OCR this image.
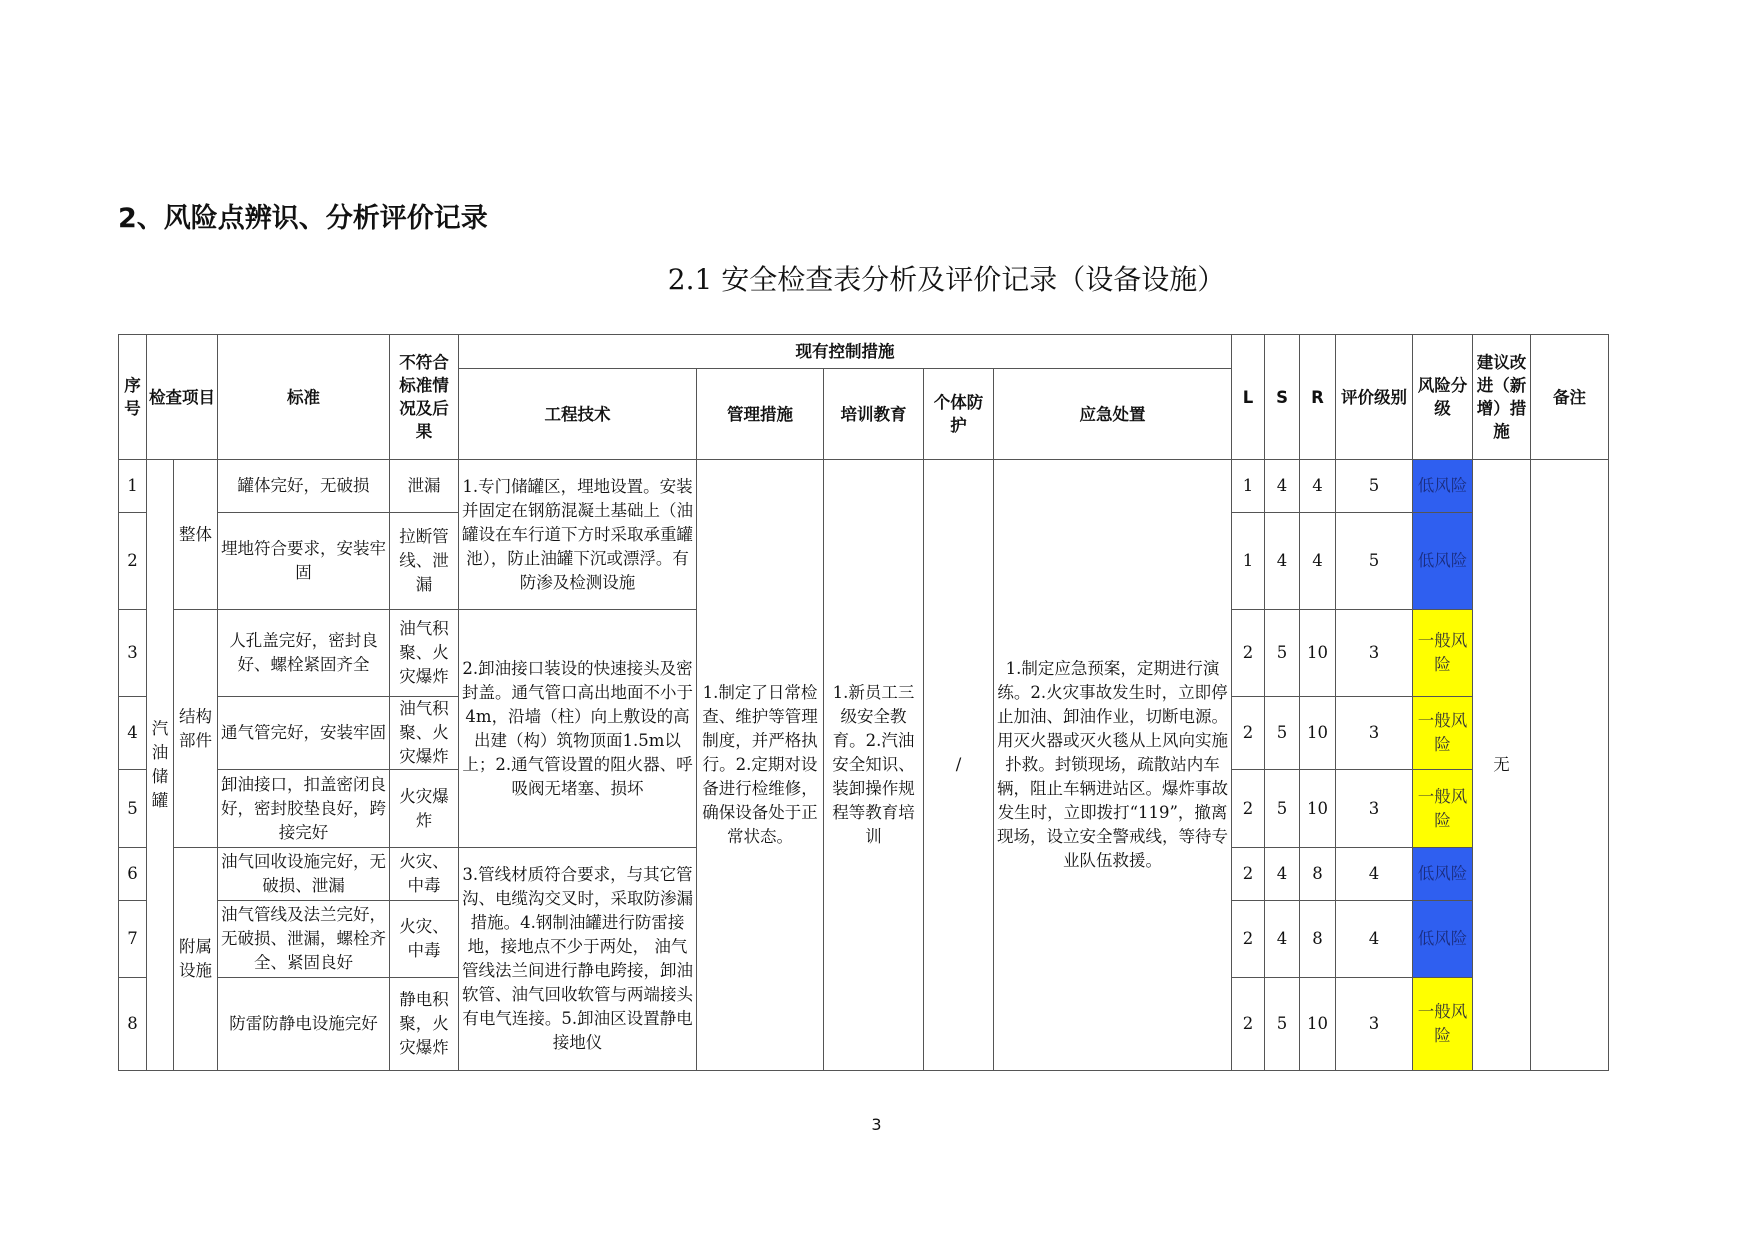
2、风险点辨识、分析评价记录
2.1 安全检查表分析及评价记录（设备设施）
序号	检查项目		标准	不符合标准情况及后果	现有控制措施					L	S	R	评价级别	风险分级	建议改进（新增）措施	备注
					工程技术	管理措施	培训教育	个体防护	应急处置							
1	汽油储罐	整体	罐体完好，无破损	泄漏	1.专门储罐区，埋地设置。安装并固定在钢筋混凝土基础上（油罐设在车行道下方时采取承重罐池），防止油罐下沉或漂浮。有防渗及检测设施	1.制定了日常检查、维护等管理制度，并严格执行。2.定期对设备进行检维修，确保设备处于正常状态。	1.新员工三级安全教育。2.汽油安全知识、装卸操作规程等教育培训	/	1.制定应急预案，定期进行演练。2.火灾事故发生时，立即停止加油、卸油作业，切断电源。用灭火器或灭火毯从上风向实施扑救。封锁现场，疏散站内车辆，阻止车辆进站区。爆炸事故发生时，立即拨打“119”，撤离现场，设立安全警戒线，等待专业队伍救援。	1	4	4	5	低风险	无	
2			埋地符合要求，安装牢固	拉断管线、泄漏						1	4	4	5	低风险		
3		结构部件	人孔盖完好，密封良好、螺栓紧固齐全	油气积聚、火灾爆炸	2.卸油接口装设的快速接头及密封盖。通气管口高出地面不小于4m，沿墙（柱）向上敷设的高出建（构）筑物顶面1.5m以上；2.通气管设置的阻火器、呼吸阀无堵塞、损坏					2	5	10	3	一般风险		
4			通气管完好，安装牢固	油气积聚、火灾爆炸						2	5	10	3	一般风险		
5			卸油接口，扣盖密闭良好，密封胶垫良好，跨接完好	火灾爆炸						2	5	10	3	一般风险		
6		附属设施	油气回收设施完好，无破损、泄漏	火灾、中毒	3.管线材质符合要求，与其它管沟、电缆沟交叉时，采取防渗漏措施。4.钢制油罐进行防雷接地，接地点不少于两处， 油气管线法兰间进行静电跨接，卸油软管、油气回收软管与两端接头有电气连接。5.卸油区设置静电接地仪					2	4	8	4	低风险		
7			油气管线及法兰完好，无破损、泄漏，螺栓齐全、紧固良好	火灾、中毒						2	4	8	4	低风险		
8			防雷防静电设施完好	静电积聚，火灾爆炸						2	5	10	3	一般风险		
3
